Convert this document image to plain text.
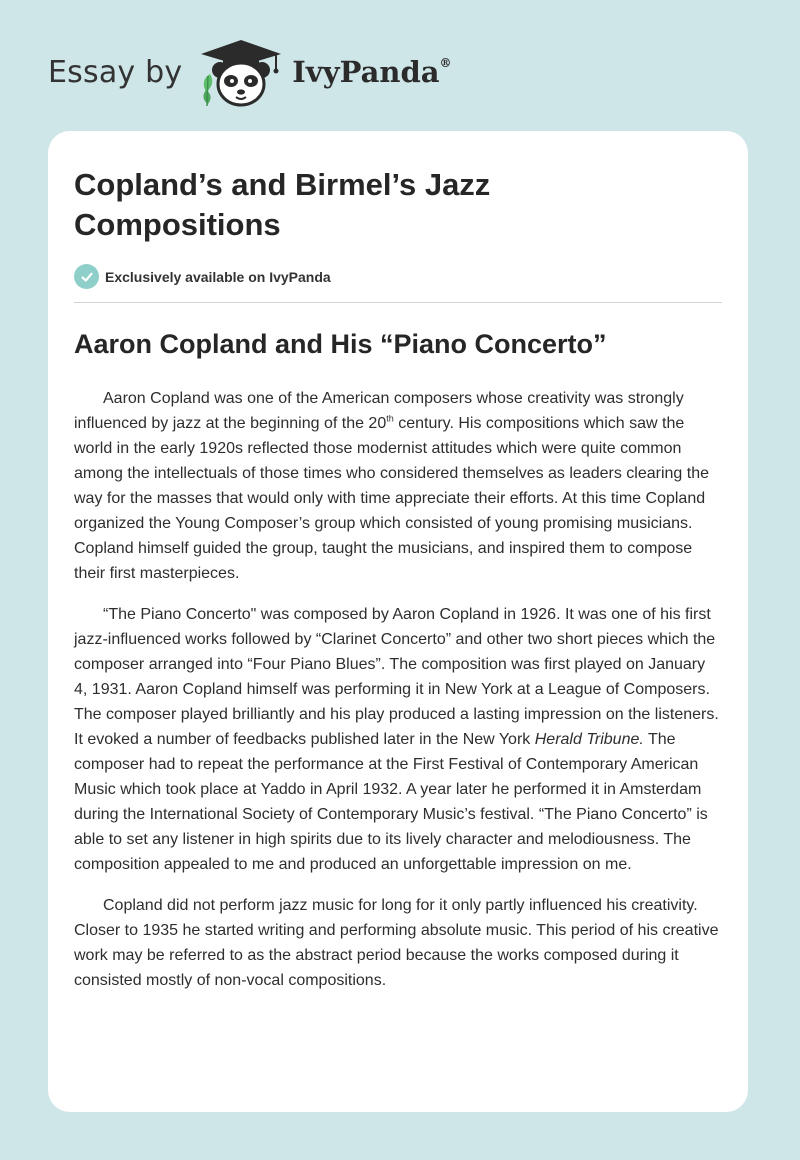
Essay by	IvyPanda®
Copland’s and Birmel’s Jazz Compositions
Exclusively available on IvyPanda
Aaron Copland and His “Piano Concerto”

Aaron Copland was one of the American composers whose creativity was strongly influenced by jazz at the beginning of the 20th century. His compositions which saw the world in the early 1920s reflected those modernist attitudes which were quite common among the intellectuals of those times who considered themselves as leaders clearing the way for the masses that would only with time appreciate their efforts. At this time Copland organized the Young Composer’s group which consisted of young promising musicians. Copland himself guided the group, taught the musicians, and inspired them to compose their first masterpieces.

“The Piano Concerto" was composed by Aaron Copland in 1926. It was one of his first jazz-influenced works followed by “Clarinet Concerto” and other two short pieces which the composer arranged into “Four Piano Blues”. The composition was first played on January 4, 1931. Aaron Copland himself was performing it in New York at a League of Composers. The composer played brilliantly and his play produced a lasting impression on the listeners. It evoked a number of feedbacks published later in the New York Herald Tribune. The composer had to repeat the performance at the First Festival of Contemporary American Music which took place at Yaddo in April 1932. A year later he performed it in Amsterdam during the International Society of Contemporary Music’s festival. “The Piano Concerto” is able to set any listener in high spirits due to its lively character and melodiousness. The composition appealed to me and produced an unforgettable impression on me.

Copland did not perform jazz music for long for it only partly influenced his creativity. Closer to 1935 he started writing and performing absolute music. This period of his creative work may be referred to as the abstract period because the works composed during it consisted mostly of non-vocal compositions.
